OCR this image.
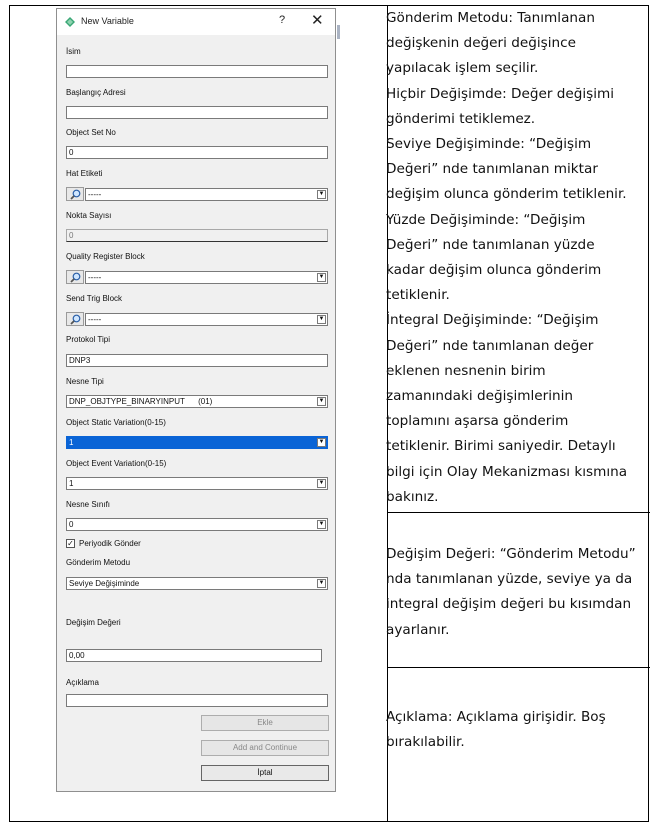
Gönderim Metodu: Tanımlanan değişkenin değeri değişince yapılacak işlem seçilir.

Hiçbir Değişimde: Değer değişimi gönderimi tetiklemez.

Seviye Değişiminde: “Değişim Değeri” nde tanımlanan miktar değişim olunca gönderim tetiklenir.

Yüzde Değişiminde: “Değişim Değeri” nde tanımlanan yüzde kadar değişim olunca gönderim tetiklenir.

İntegral Değişiminde: “Değişim Değeri” nde tanımlanan değer eklenen nesnenin birim zamanındaki değişimlerinin toplamını aşarsa gönderim tetiklenir. Birimi saniyedir. Detaylı bilgi için Olay Mekanizması kısmına bakınız.

Değişim Değeri: “Gönderim Metodu” nda tanımlanan yüzde, seviye ya da integral değişim değeri bu kısımdan ayarlanır.

Açıklama: Açıklama girişidir. Boş bırakılabilir.

New Variable	? ✕
İsim
Başlangıç Adresi
Object Set No
0
Hat Etiketi
-----	▼
Nokta Sayısı
0
Quality Register Block
-----	▼
Send Trig Block
-----	▼
Protokol Tipi
DNP3
Nesne Tipi
DNP_OBJTYPE_BINARYINPUT      (01)	▼
Object Static Variation(0-15)
1	▼
Object Event Variation(0-15)
1	▼
Nesne Sınıfı
0	▼
✓ Periyodik Gönder
Gönderim Metodu
Seviye Değişiminde	▼
Değişim Değeri
0,00
Açıklama
Ekle
Add and Continue
İptal
